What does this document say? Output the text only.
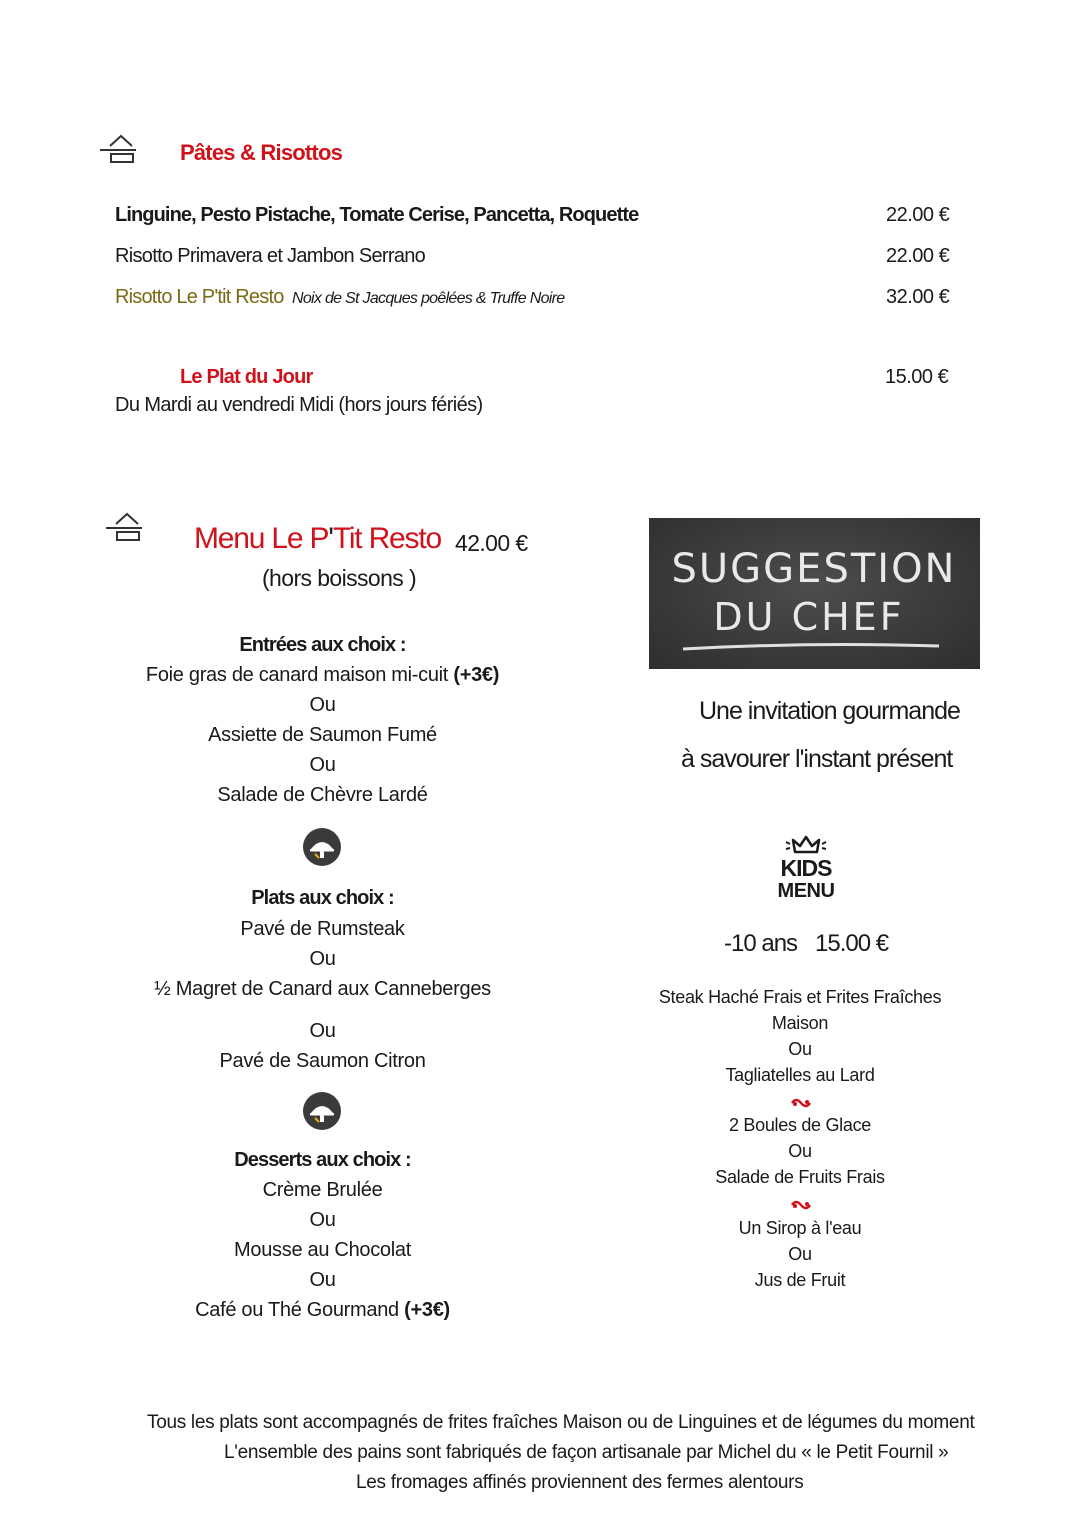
Pâtes & Risottos
Linguine, Pesto Pistache, Tomate Cerise, Pancetta, Roquette	22.00 €
Risotto Primavera et Jambon Serrano	22.00 €
Risotto Le P'tit Resto Noix de St Jacques poêlées & Truffe Noire	32.00 €
Le Plat du Jour	15.00 €
Du Mardi au vendredi Midi (hors jours fériés)
Menu Le P'Tit Resto 42.00 €
(hors boissons )
Entrées aux choix :
Foie gras de canard maison mi-cuit (+3€)
Ou
Assiette de Saumon Fumé
Ou
Salade de Chèvre Lardé
Plats aux choix :
Pavé de Rumsteak
Ou
½ Magret de Canard aux Canneberges
Ou
Pavé de Saumon Citron
Desserts aux choix :
Crème Brulée
Ou
Mousse au Chocolat
Ou
Café ou Thé Gourmand (+3€)
SUGGESTION
DU CHEF
Une invitation gourmande
à savourer l'instant présent
KIDS
MENU
-10 ans 15.00 €
Steak Haché Frais et Frites Fraîches
Maison
Ou
Tagliatelles au Lard
2 Boules de Glace
Ou
Salade de Fruits Frais
Un Sirop à l'eau
Ou
Jus de Fruit
Tous les plats sont accompagnés de frites fraîches Maison ou de Linguines et de légumes du moment
L'ensemble des pains sont fabriqués de façon artisanale par Michel du « le Petit Fournil »
Les fromages affinés proviennent des fermes alentours
